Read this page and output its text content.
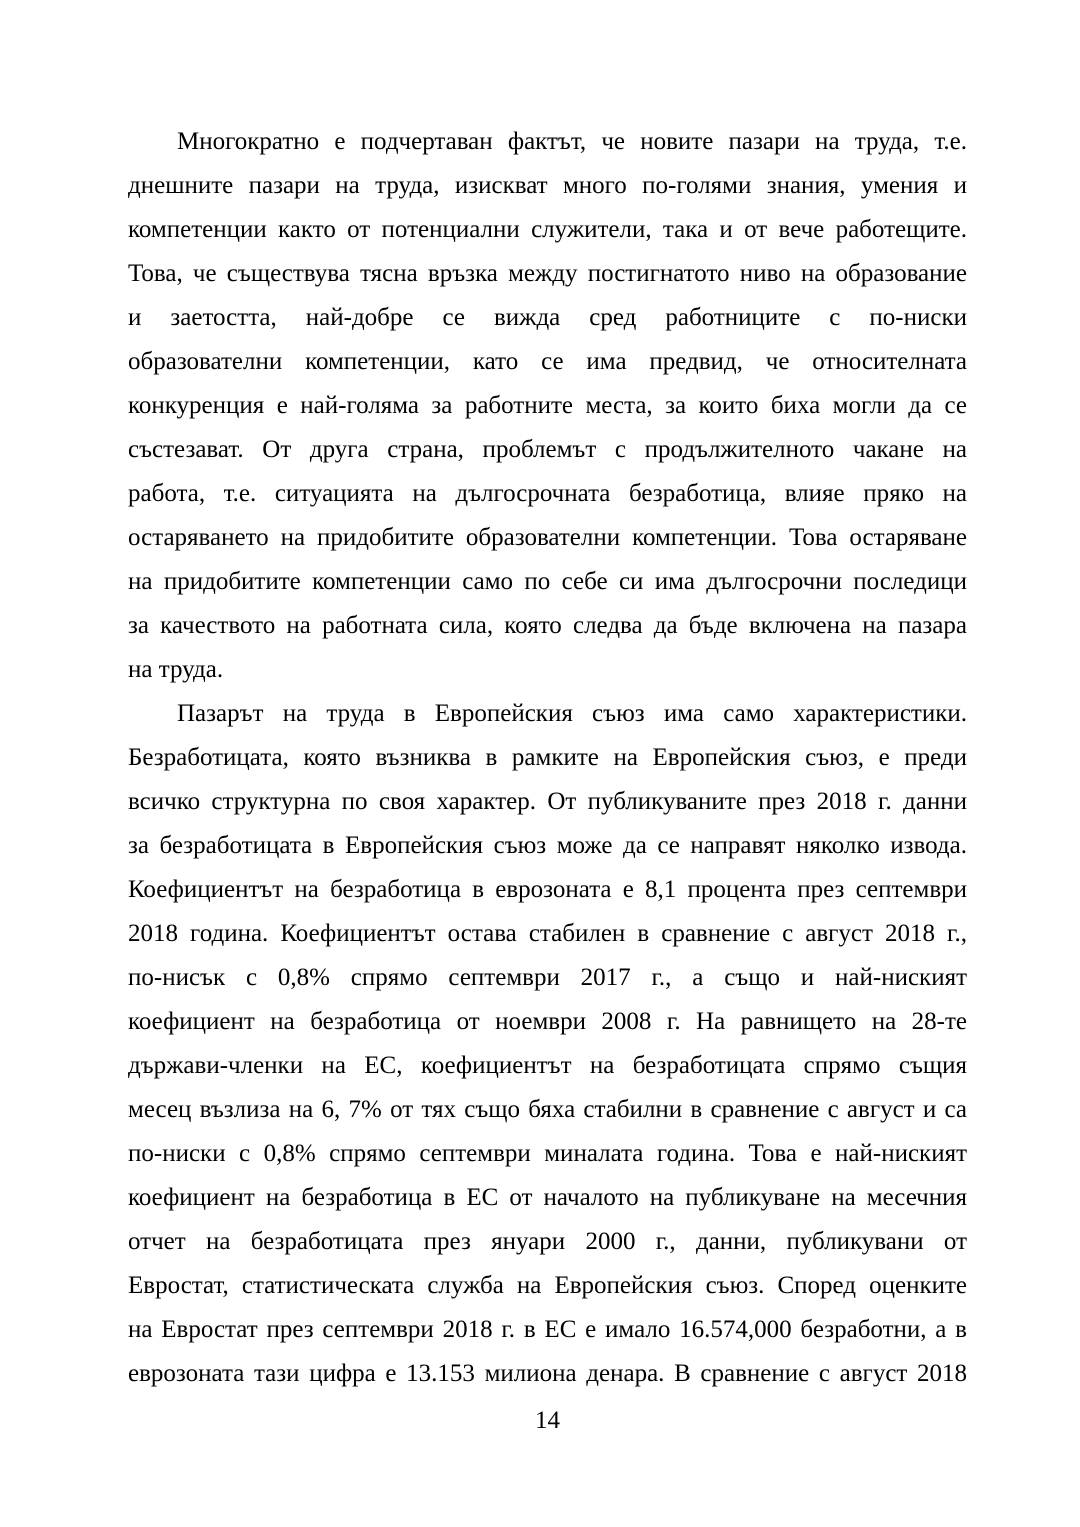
Многократно е подчертаван фактът, че новите пазари на труда, т.е.
днешните пазари на труда, изискват много по-голями знания, умения и
компетенции както от потенциални служители, така и от вече работещите.
Това, че съществува тясна връзка между постигнатото ниво на образование
и заетостта, най-добре се вижда сред работниците с по-ниски
образователни компетенции, като се има предвид, че относителната
конкуренция е най-голяма за работните места, за които биха могли да се
състезават. От друга страна, проблемът с продължителното чакане на
работа, т.е. ситуацията на дългосрочната безработица, влияе пряко на
остаряването на придобитите образователни компетенции. Това остаряване
на придобитите компетенции само по себе си има дългосрочни последици
за качеството на работната сила, която следва да бъде включена на пазара
на труда.
Пазарът на труда в Европейския съюз има само характеристики.
Безработицата, която възниква в рамките на Европейския съюз, е преди
всичко структурна по своя характер. От публикуваните през 2018 г. данни
за безработицата в Европейския съюз може да се направят няколко извода.
Коефициентът на безработица в еврозоната е 8,1 процента през септември
2018 година. Коефициентът остава стабилен в сравнение с август 2018 г.,
по-нисък с 0,8% спрямо септември 2017 г., а също и най-ниският
коефициент на безработица от ноември 2008 г. На равнището на 28-те
държави-членки на ЕС, коефициентът на безработицата спрямо същия
месец възлиза на 6, 7% от тях също бяха стабилни в сравнение с август и са
по-ниски с 0,8% спрямо септември миналата година. Това е най-ниският
коефициент на безработица в ЕС от началото на публикуване на месечния
отчет на безработицата през януари 2000 г., данни, публикувани от
Евростат, статистическата служба на Европейския съюз. Според оценките
на Евростат през септември 2018 г. в ЕС е имало 16.574,000 безработни, а в
еврозоната тази цифра е 13.153 милиона денара. В сравнение с август 2018
14
